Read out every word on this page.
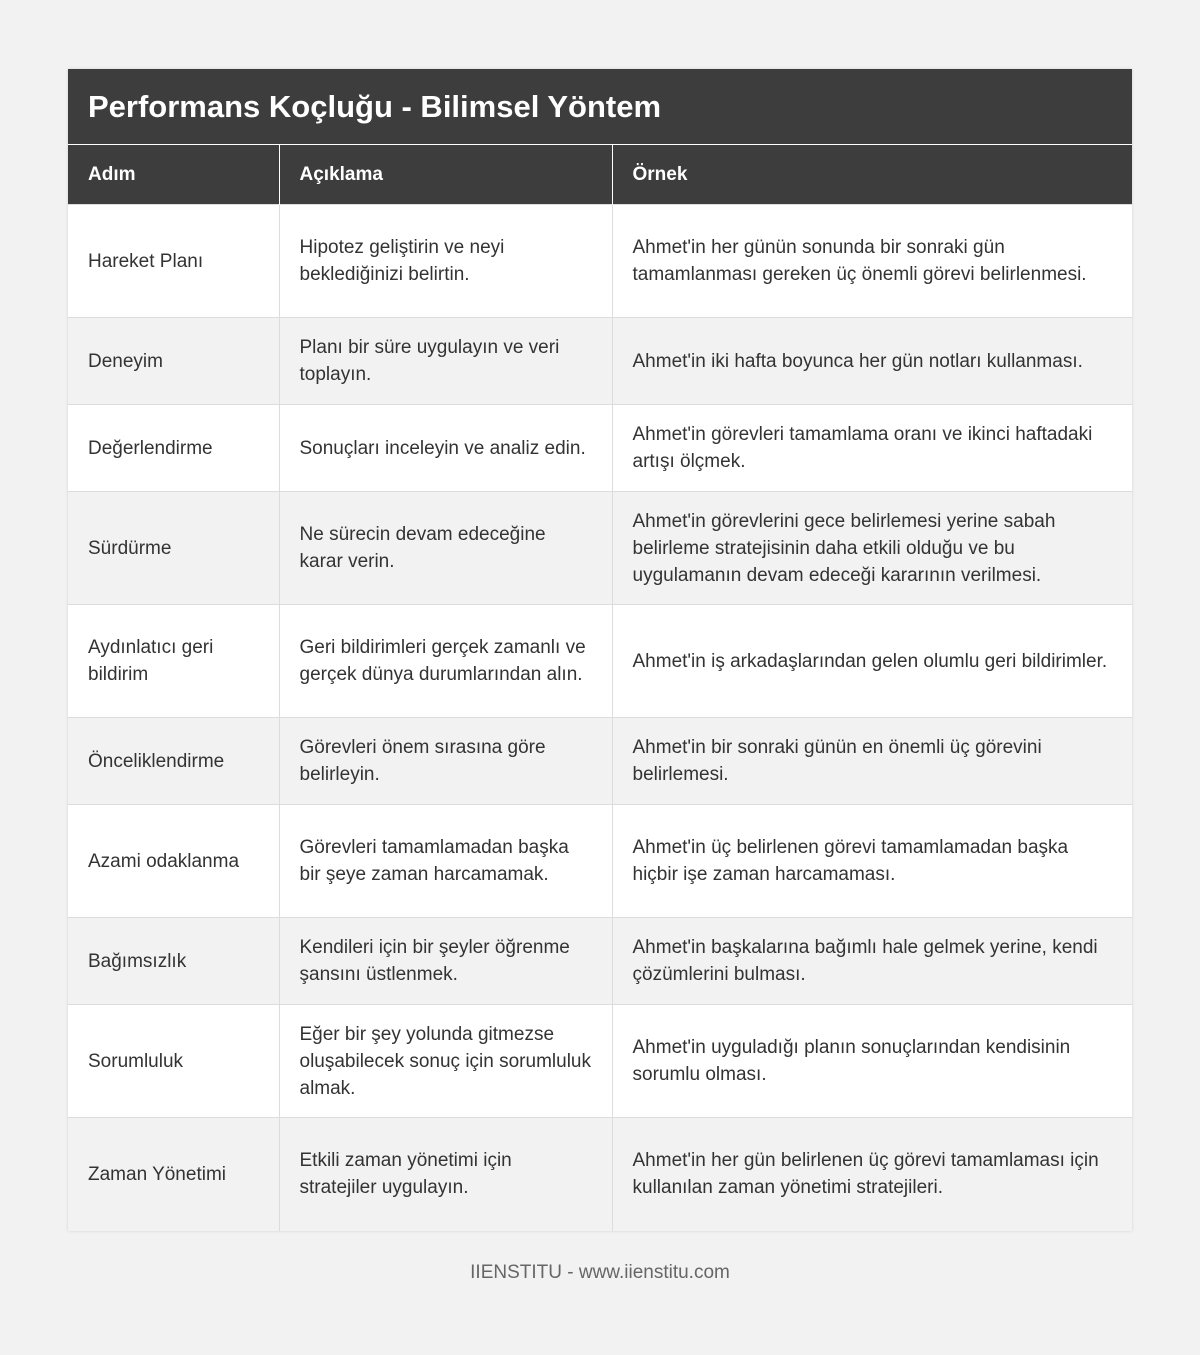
Performans Koçluğu - Bilimsel Yöntem
Adım	Açıklama	Örnek
Hareket Planı	Hipotez geliştirin ve neyi beklediğinizi belirtin.	Ahmet'in her günün sonunda bir sonraki gün tamamlanması gereken üç önemli görevi belirlenmesi.
Deneyim	Planı bir süre uygulayın ve veri toplayın.	Ahmet'in iki hafta boyunca her gün notları kullanması.
Değerlendirme	Sonuçları inceleyin ve analiz edin.	Ahmet'in görevleri tamamlama oranı ve ikinci haftadaki artışı ölçmek.
Sürdürme	Ne sürecin devam edeceğine karar verin.	Ahmet'in görevlerini gece belirlemesi yerine sabah belirleme stratejisinin daha etkili olduğu ve bu uygulamanın devam edeceği kararının verilmesi.
Aydınlatıcı geri bildirim	Geri bildirimleri gerçek zamanlı ve gerçek dünya durumlarından alın.	Ahmet'in iş arkadaşlarından gelen olumlu geri bildirimler.
Önceliklendirme	Görevleri önem sırasına göre belirleyin.	Ahmet'in bir sonraki günün en önemli üç görevini belirlemesi.
Azami odaklanma	Görevleri tamamlamadan başka bir şeye zaman harcamamak.	Ahmet'in üç belirlenen görevi tamamlamadan başka hiçbir işe zaman harcamaması.
Bağımsızlık	Kendileri için bir şeyler öğrenme şansını üstlenmek.	Ahmet'in başkalarına bağımlı hale gelmek yerine, kendi çözümlerini bulması.
Sorumluluk	Eğer bir şey yolunda gitmezse oluşabilecek sonuç için sorumluluk almak.	Ahmet'in uyguladığı planın sonuçlarından kendisinin sorumlu olması.
Zaman Yönetimi	Etkili zaman yönetimi için stratejiler uygulayın.	Ahmet'in her gün belirlenen üç görevi tamamlaması için kullanılan zaman yönetimi stratejileri.
IIENSTITU - www.iienstitu.com
